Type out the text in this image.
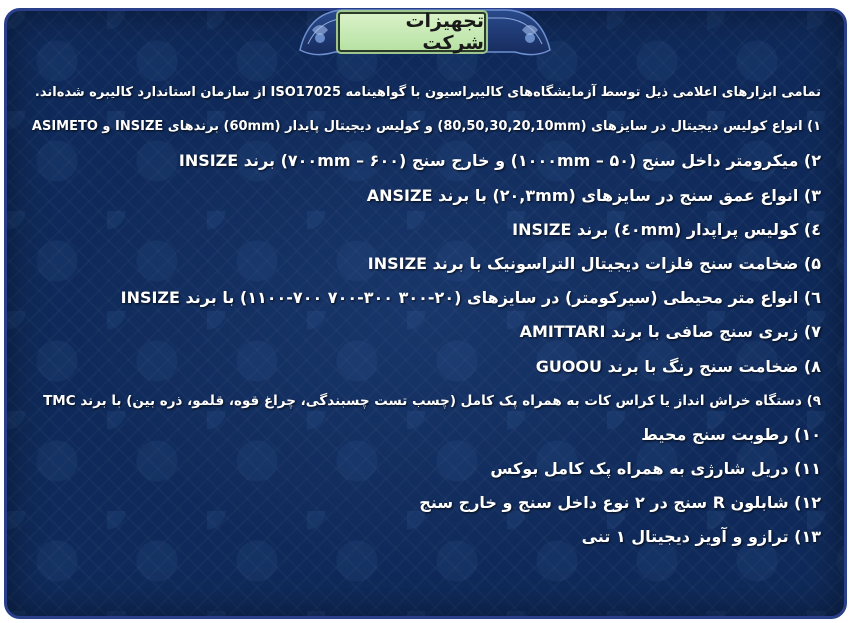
تجهیزات شرکت
تمامی ابزارهای اعلامی ذیل توسط آزمایشگاه‌های کالیبراسیون با گواهینامه ISO17025 از سازمان استاندارد کالیبره شده‌اند.
۱) انواع کولیس دیجیتال در سایزهای (80,50,30,20,10mm) و کولیس دیجیتال پایدار (60mm) برندهای INSIZE و ASIMETO
۲) میکرومتر داخل سنج (۵۰ – ۱۰۰۰mm) و خارج سنج (۶۰۰ – ۷۰۰mm) برند INSIZE
۳) انواع عمق سنج در سایزهای (۲۰,۳mm) با برند ANSIZE
٤) کولیس پراپدار (٤۰mm) برند INSIZE
۵) ضخامت سنج فلزات دیجیتال التراسونیک با برند INSIZE
٦) انواع متر محیطی (سیرکومتر) در سایزهای (۲۰-۳۰۰ ۳۰۰-۷۰۰ ۷۰۰-۱۱۰۰) با برند INSIZE
۷) زبری سنج صافی با برند AMITTARI
۸) ضخامت سنج رنگ با برند GUOOU
۹) دستگاه خراش انداز یا کراس کات به همراه پک کامل (چسب تست چسبندگی، چراغ قوه، قلمو، ذره بین) با برند TMC
۱۰) رطوبت سنج محیط
۱۱) دریل شارژی به همراه پک کامل بوکس
۱۲) شابلون R سنج در ۲ نوع داخل سنج و خارج سنج
۱۳) ترازو و آویز دیجیتال ۱ تنی
